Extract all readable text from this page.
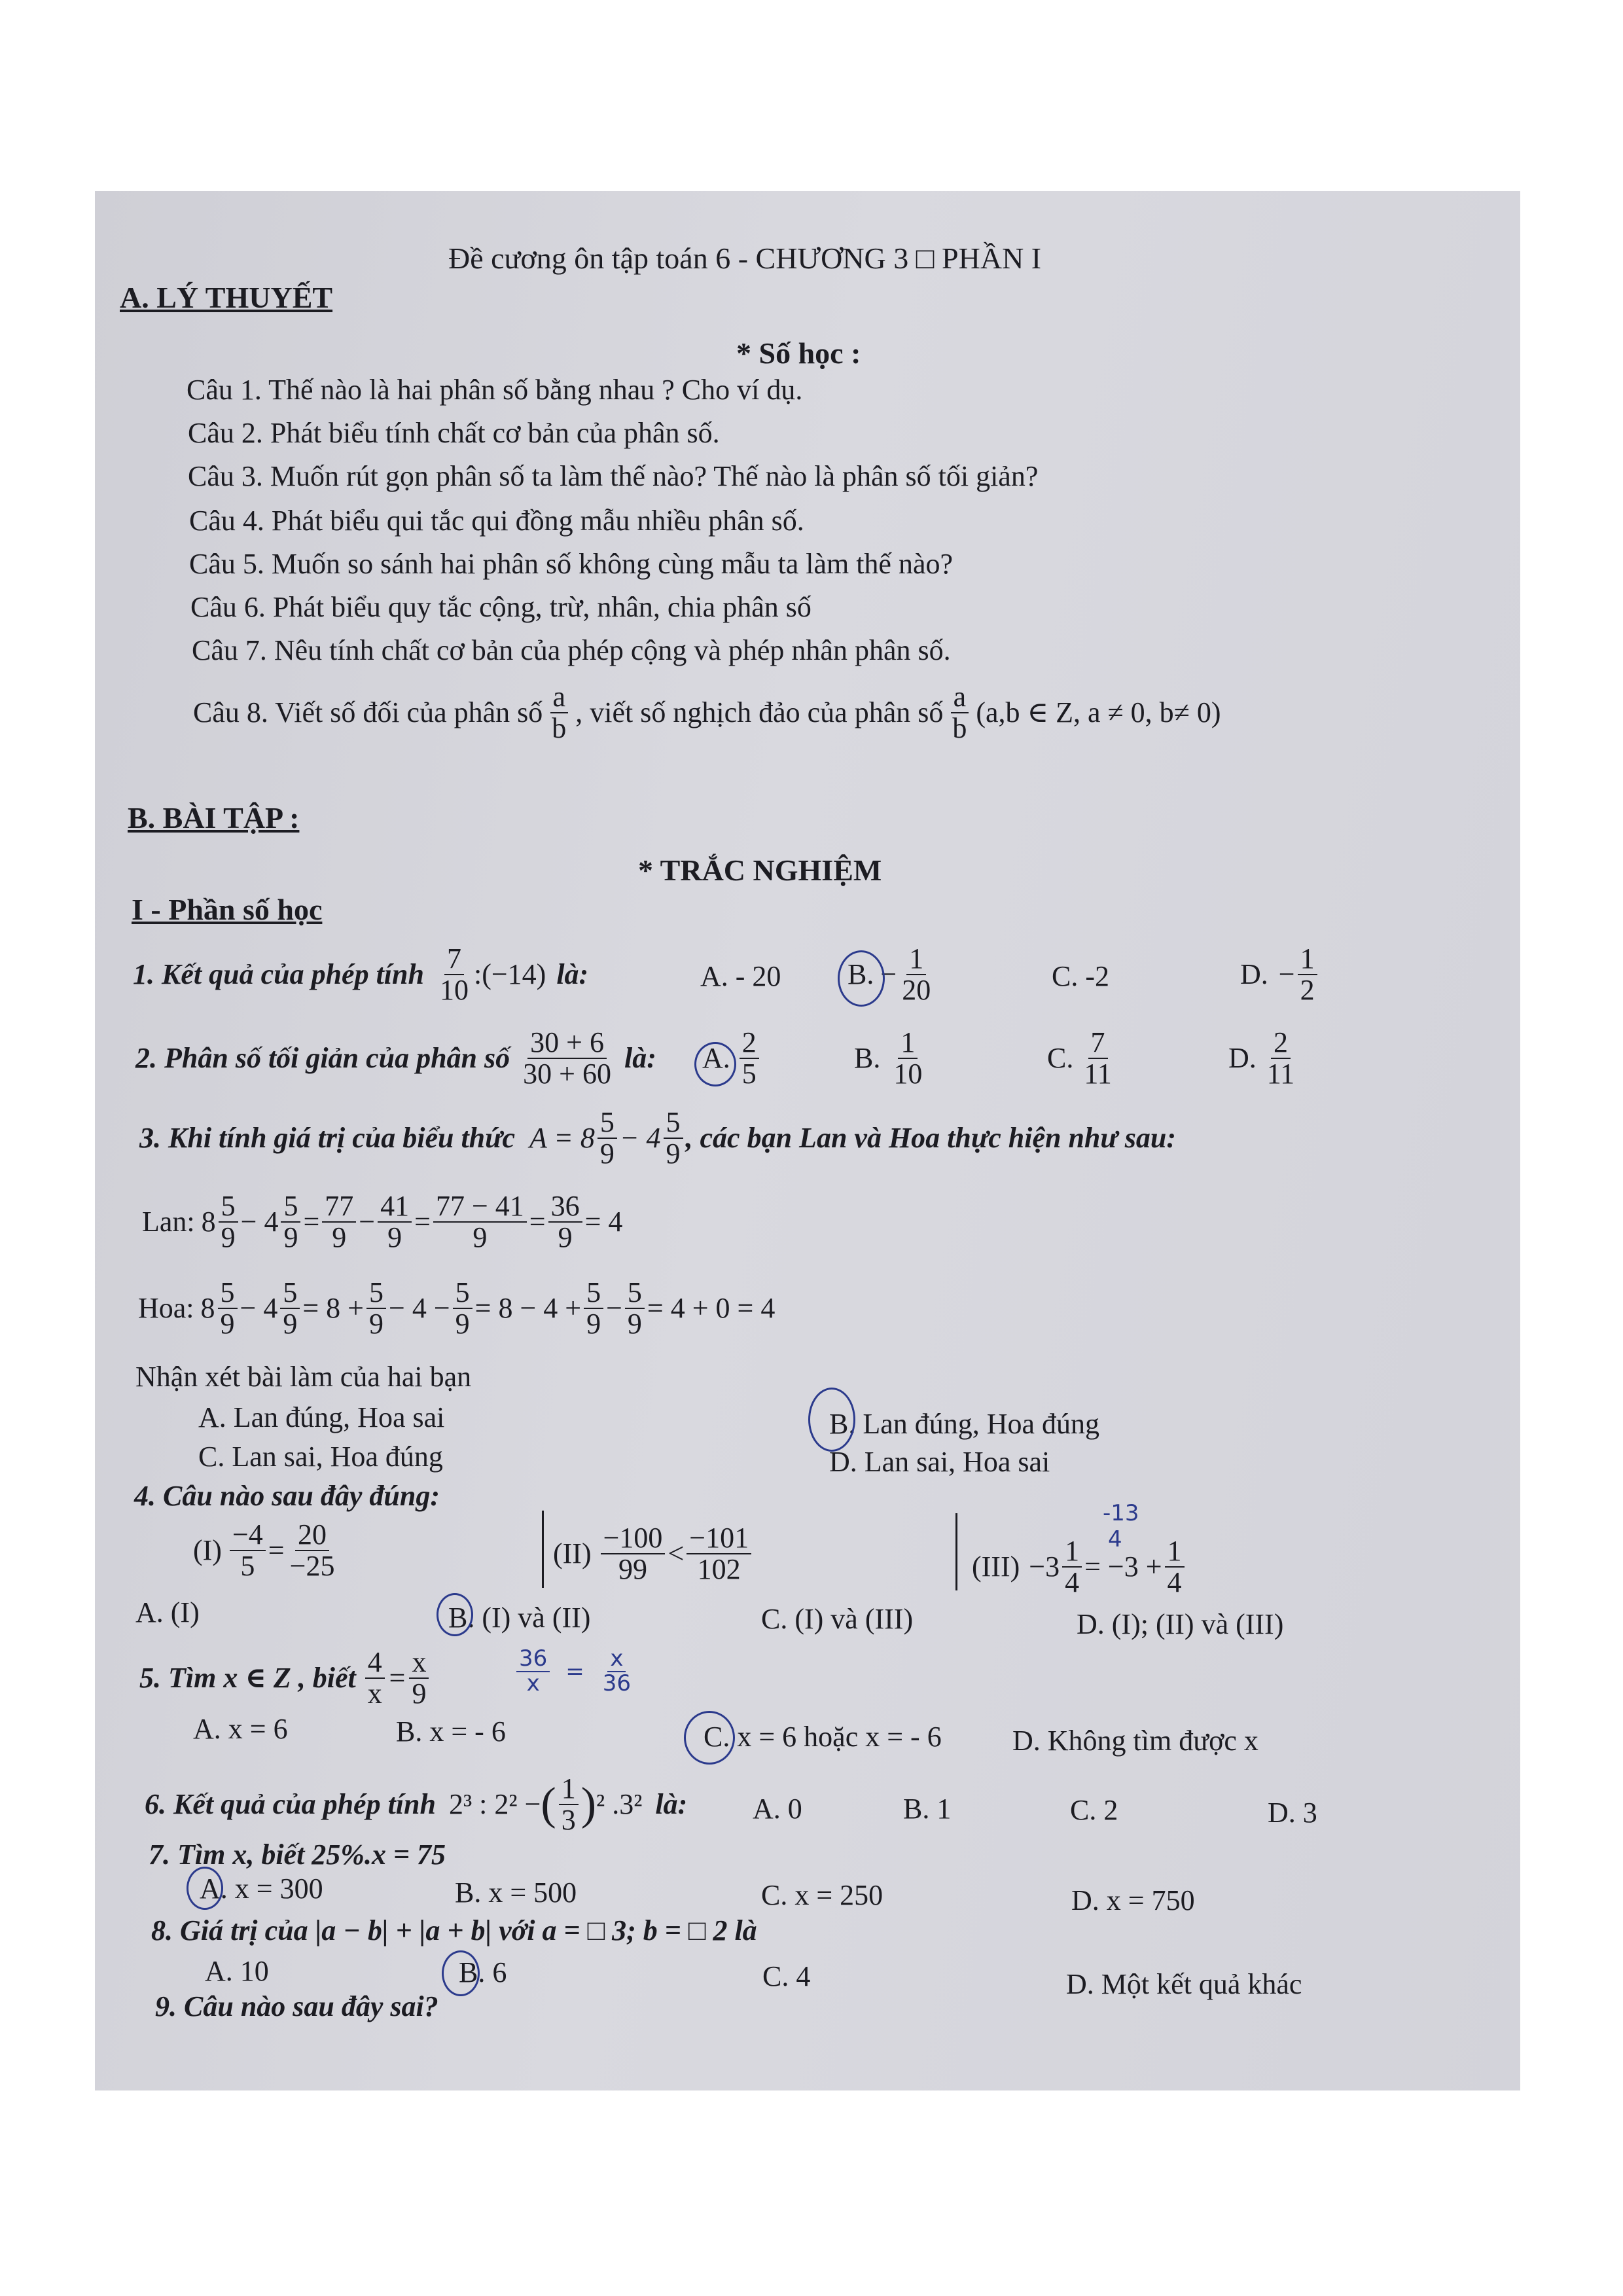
Đề cương ôn tập toán 6 - CHƯƠNG 3 □ PHẦN I
A. LÝ THUYẾT
* Số học :
Câu 1. Thế nào là hai phân số bằng nhau ? Cho ví dụ.
Câu 2. Phát biểu tính chất cơ bản của phân số.
Câu 3. Muốn rút gọn phân số ta làm thế nào? Thế nào là phân số tối giản?
Câu 4. Phát biểu qui tắc qui đồng mẫu nhiều phân số.
Câu 5. Muốn so sánh hai phân số không cùng mẫu ta làm thế nào?
Câu 6. Phát biểu quy tắc cộng, trừ, nhân, chia phân số
Câu 7. Nêu tính chất cơ bản của phép cộng và phép nhân phân số.
Câu 8. Viết số đối của phân số $\frac{a}{b}$ , viết số nghịch đảo của phân số $\frac{a}{b} (a,b$ ∈ Z, a ≠ 0, b≠ 0)
B. BÀI TẬP :
* TRẮC NGHIỆM
I - Phần số học
1. Kết quả của phép tính $\frac{7}{10}$ :(−14) là:	A. - 20 B. − $\frac{1}{20}$	C. -2	D. − $\frac{1}{2}$
2. Phân số tối giản của phân số $\frac{30 + 6}{30 + 60}$ là: A. $\frac{2}{5}$	B. $\frac{1}{10}$	C. $\frac{7}{11}$	D. $\frac{2}{11}$
3. Khi tính giá trị của biểu thức $A = 8 \frac{5}{9} - 4 \frac{5}{9}$ , các bạn Lan và Hoa thực hiện như sau:
Lan: $8 \frac{5}{9} - 4 \frac{5}{9} = \frac{77}{9} - \frac{41}{9} = \frac{77 - 41}{9} = \frac{36}{9} = 4$
Hoa: $8 \frac{5}{9} - 4 \frac{5}{9} = 8 + \frac{5}{9} - 4 - \frac{5}{9} = 8 - 4 + \frac{5}{9} - \frac{5}{9} = 4 + 0 = 4$
Nhận xét bài làm của hai bạn
A. Lan đúng, Hoa sai	B. Lan đúng, Hoa đúng
C. Lan sai, Hoa đúng	D. Lan sai, Hoa sai
4. Câu nào sau đây đúng:
$(I) \frac{-4}{5} = \frac{20}{-25}$	$(II) \frac{-100}{99} < \frac{-101}{102}$	$(III) -3 \frac{1}{4} = -3 + \frac{1}{4}$
-13
4
A. (I)	B. (I) và (II)	C. (I) và (III)	D. (I); (II) và (III)
5. Tìm x ∈ Z , biết $\frac{4}{x} = \frac{x}{9}$	$\frac{36}{x} = \frac{x}{36}$
A. x = 6	B. x = - 6	C. x = 6 hoặc x = - 6 D. Không tìm được x
6. Kết quả của phép tính 2³ : 2² − ( $\frac{1}{3}$ ) ² .3² là: A. 0	B. 1	C. 2	D. 3
7. Tìm x, biết 25%.x = 75
A. x = 300	B. x = 500	C. x = 250	D. x = 750
8. Giá trị của |a − b| + |a + b| với a = □ 3; b = □ 2 là
A. 10	B. 6	C. 4	D. Một kết quả khác
9. Câu nào sau đây sai?
